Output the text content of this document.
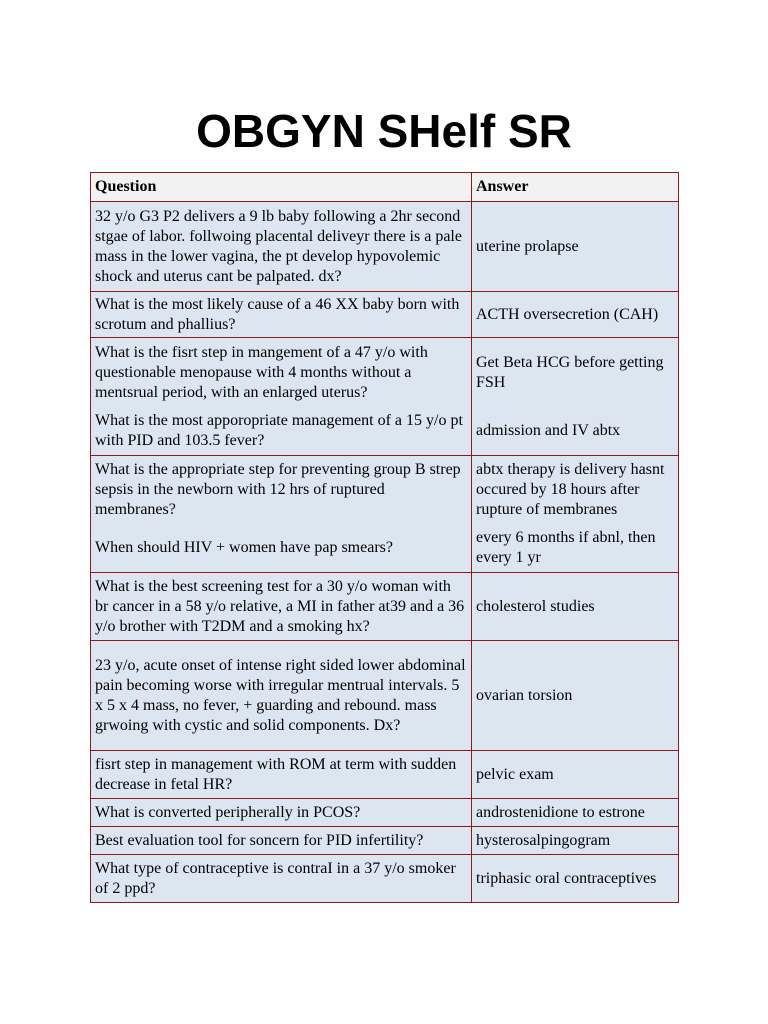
OBGYN SHelf SR
Question	Answer
32 y/o G3 P2 delivers a 9 lb baby following a 2hr second stgae of labor. follwoing placental deliveyr there is a pale mass in the lower vagina, the pt develop hypovolemic shock and uterus cant be palpated. dx?	uterine prolapse
What is the most likely cause of a 46 XX baby born with scrotum and phallius?	ACTH oversecretion (CAH)
What is the fisrt step in mangement of a 47 y/o with questionable menopause with 4 months without a mentsrual period, with an enlarged uterus?	Get Beta HCG before getting FSH
What is the most apporopriate management of a 15 y/o pt with PID and 103.5 fever?	admission and IV abtx
What is the appropriate step for preventing group B strep sepsis in the newborn with 12 hrs of ruptured membranes?	abtx therapy is delivery hasnt occured by 18 hours after rupture of membranes
When should HIV + women have pap smears?	every 6 months if abnl, then every 1 yr
What is the best screening test for a 30 y/o woman with br cancer in a 58 y/o relative, a MI in father at39 and a 36 y/o brother with T2DM and a smoking hx?	cholesterol studies
23 y/o, acute onset of intense right sided lower abdominal pain becoming worse with irregular mentrual intervals. 5 x 5 x 4 mass, no fever, + guarding and rebound. mass grwoing with cystic and solid components. Dx?	ovarian torsion
fisrt step in management with ROM at term with sudden decrease in fetal HR?	pelvic exam
What is converted peripherally in PCOS?	androstenidione to estrone
Best evaluation tool for soncern for PID infertility?	hysterosalpingogram
What type of contraceptive is contraI in a 37 y/o smoker of 2 ppd?	triphasic oral contraceptives
